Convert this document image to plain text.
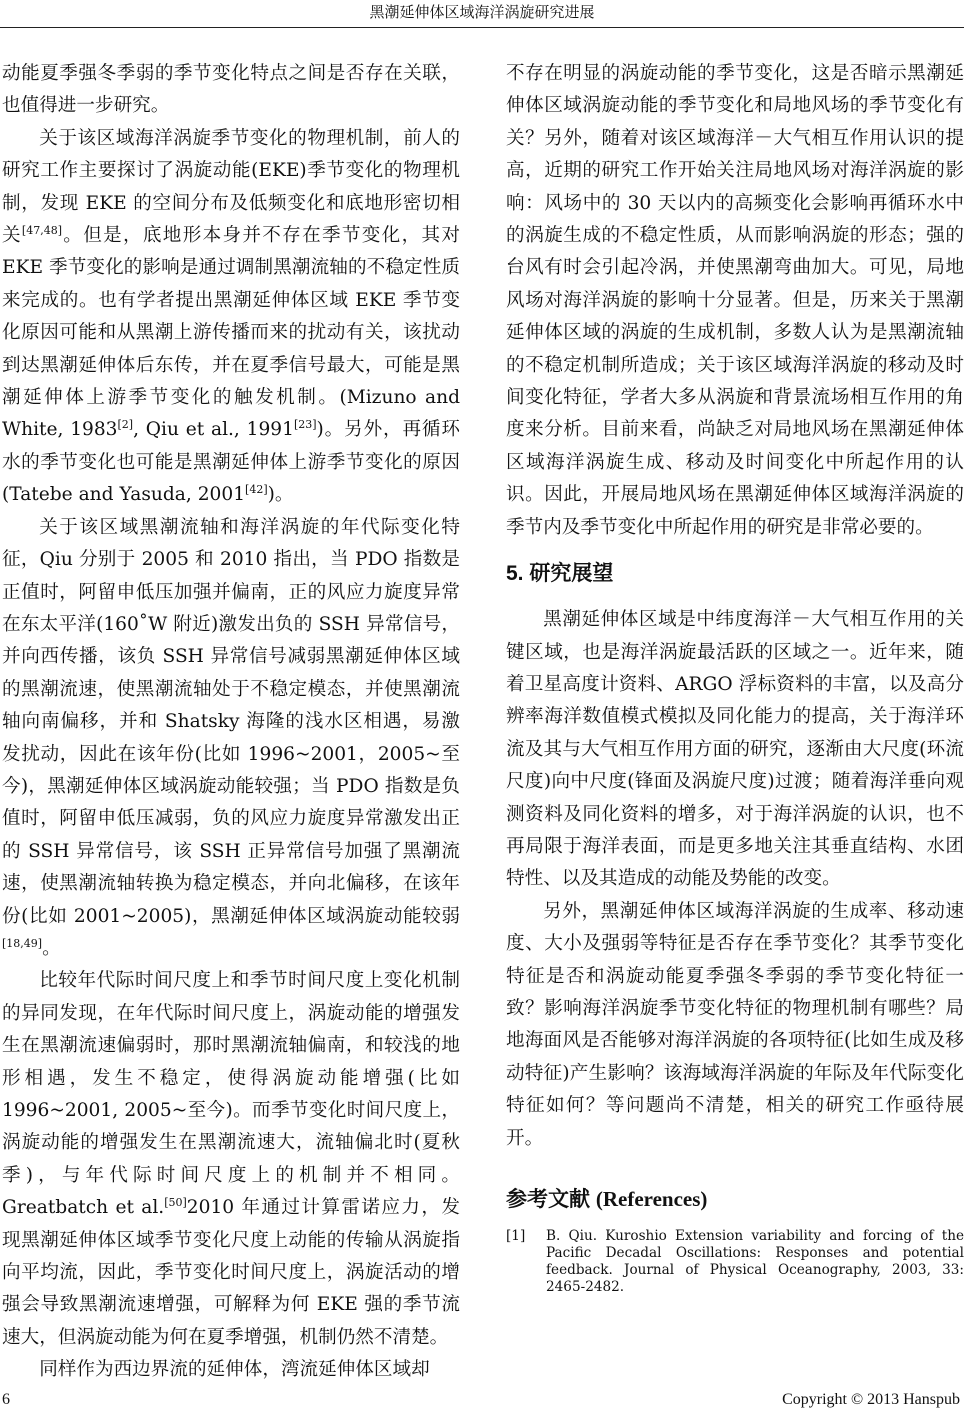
黑潮延伸体区域海洋涡旋研究进展

动能夏季强冬季弱的季节变化特点之间是否存在关联，也值得进一步研究。

关于该区域海洋涡旋季节变化的物理机制，前人的研究工作主要探讨了涡旋动能(EKE)季节变化的物理机制，发现 EKE 的空间分布及低频变化和底地形密切相关[47,48]。但是，底地形本身并不存在季节变化，其对 EKE 季节变化的影响是通过调制黑潮流轴的不稳定性质来完成的。也有学者提出黑潮延伸体区域 EKE 季节变化原因可能和从黑潮上游传播而来的扰动有关，该扰动到达黑潮延伸体后东传，并在夏季信号最大，可能是黑潮延伸体上游季节变化的触发机制。(Mizuno and White, 1983[2], Qiu et al., 1991[23])。另外，再循环水的季节变化也可能是黑潮延伸体上游季节变化的原因(Tatebe and Yasuda, 2001[42])。

关于该区域黑潮流轴和海洋涡旋的年代际变化特征，Qiu 分别于 2005 和 2010 指出，当 PDO 指数是正值时，阿留申低压加强并偏南，正的风应力旋度异常在东太平洋(160˚W 附近)激发出负的 SSH 异常信号，并向西传播，该负 SSH 异常信号减弱黑潮延伸体区域的黑潮流速，使黑潮流轴处于不稳定模态，并使黑潮流轴向南偏移，并和 Shatsky 海隆的浅水区相遇，易激发扰动，因此在该年份(比如 1996~2001，2005~至今)，黑潮延伸体区域涡旋动能较强；当 PDO 指数是负值时，阿留申低压减弱，负的风应力旋度异常激发出正的 SSH 异常信号，该 SSH 正异常信号加强了黑潮流速，使黑潮流轴转换为稳定模态，并向北偏移，在该年份(比如 2001~2005)，黑潮延伸体区域涡旋动能较弱[18,49]。

比较年代际时间尺度上和季节时间尺度上变化机制的异同发现，在年代际时间尺度上，涡旋动能的增强发生在黑潮流速偏弱时，那时黑潮流轴偏南，和较浅的地形相遇，发生不稳定，使得涡旋动能增强(比如 1996~2001, 2005~至今)。而季节变化时间尺度上，涡旋动能的增强发生在黑潮流速大，流轴偏北时(夏秋季)，与年代际时间尺度上的机制并不相同。Greatbatch et al.[50]2010 年通过计算雷诺应力，发现黑潮延伸体区域季节变化尺度上动能的传输从涡旋指向平均流，因此，季节变化时间尺度上，涡旋活动的增强会导致黑潮流速增强，可解释为何 EKE 强的季节流速大，但涡旋动能为何在夏季增强，机制仍然不清楚。

同样作为西边界流的延伸体，湾流延伸体区域却

不存在明显的涡旋动能的季节变化，这是否暗示黑潮延伸体区域涡旋动能的季节变化和局地风场的季节变化有关？另外，随着对该区域海洋－大气相互作用认识的提高，近期的研究工作开始关注局地风场对海洋涡旋的影响：风场中的 30 天以内的高频变化会影响再循环水中的涡旋生成的不稳定性质，从而影响涡旋的形态；强的台风有时会引起冷涡，并使黑潮弯曲加大。可见，局地风场对海洋涡旋的影响十分显著。但是，历来关于黑潮延伸体区域的涡旋的生成机制，多数人认为是黑潮流轴的不稳定机制所造成；关于该区域海洋涡旋的移动及时间变化特征，学者大多从涡旋和背景流场相互作用的角度来分析。目前来看，尚缺乏对局地风场在黑潮延伸体区域海洋涡旋生成、移动及时间变化中所起作用的认识。因此，开展局地风场在黑潮延伸体区域海洋涡旋的季节内及季节变化中所起作用的研究是非常必要的。

5. 研究展望

黑潮延伸体区域是中纬度海洋－大气相互作用的关键区域，也是海洋涡旋最活跃的区域之一。近年来，随着卫星高度计资料、ARGO 浮标资料的丰富，以及高分辨率海洋数值模式模拟及同化能力的提高，关于海洋环流及其与大气相互作用方面的研究，逐渐由大尺度(环流尺度)向中尺度(锋面及涡旋尺度)过渡；随着海洋垂向观测资料及同化资料的增多，对于海洋涡旋的认识，也不再局限于海洋表面，而是更多地关注其垂直结构、水团特性、以及其造成的动能及势能的改变。

另外，黑潮延伸体区域海洋涡旋的生成率、移动速度、大小及强弱等特征是否存在季节变化？其季节变化特征是否和涡旋动能夏季强冬季弱的季节变化特征一致？影响海洋涡旋季节变化特征的物理机制有哪些？局地海面风是否能够对海洋涡旋的各项特征(比如生成及移动特征)产生影响？该海域海洋涡旋的年际及年代际变化特征如何？等问题尚不清楚，相关的研究工作亟待展开。

参考文献 (References)
[1]	B. Qiu. Kuroshio Extension variability and forcing of the Pacific Decadal Oscillations: Responses and potential feedback. Journal of Physical Oceanography, 2003, 33: 2465-2482.
6	Copyright © 2013 Hanspub
